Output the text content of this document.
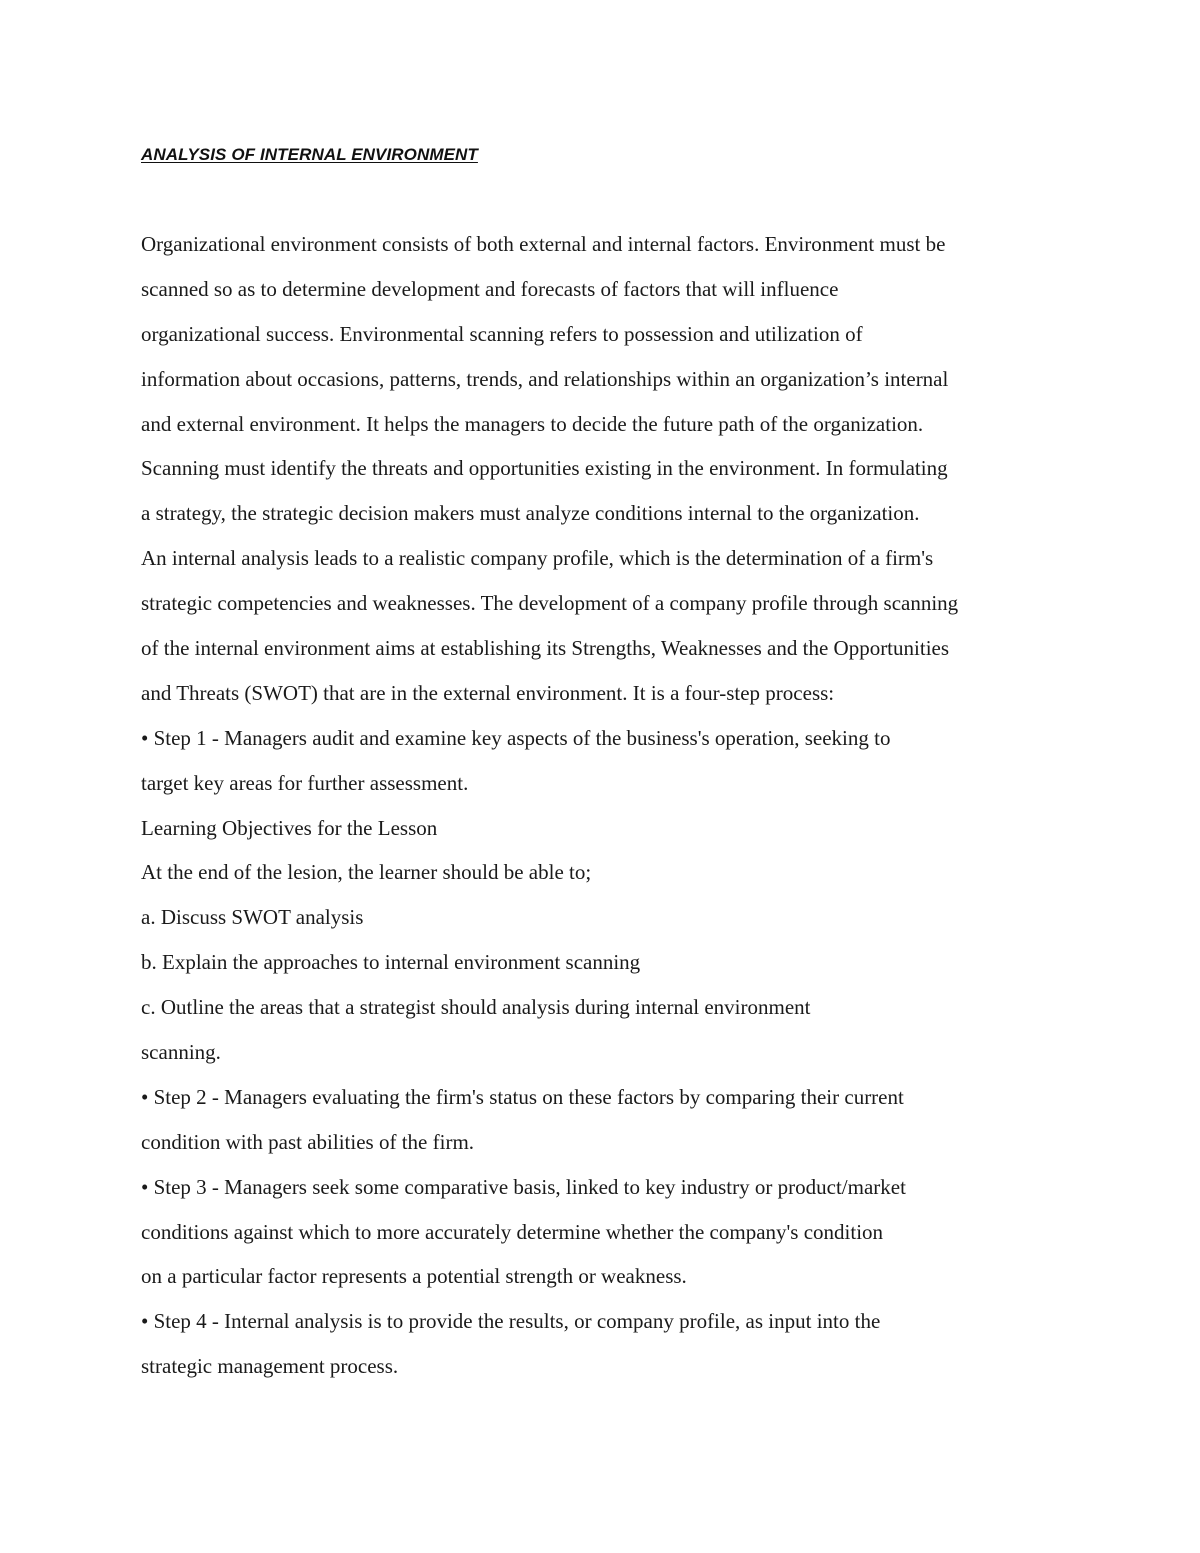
ANALYSIS OF INTERNAL ENVIRONMENT
Organizational environment consists of both external and internal factors. Environment must be
scanned so as to determine development and forecasts of factors that will influence
organizational success. Environmental scanning refers to possession and utilization of
information about occasions, patterns, trends, and relationships within an organization’s internal
and external environment. It helps the managers to decide the future path of the organization.
Scanning must identify the threats and opportunities existing in the environment. In formulating
a strategy, the strategic decision makers must analyze conditions internal to the organization.
An internal analysis leads to a realistic company profile, which is the determination of a firm's
strategic competencies and weaknesses. The development of a company profile through scanning
of the internal environment aims at establishing its Strengths, Weaknesses and the Opportunities
and Threats (SWOT) that are in the external environment. It is a four-step process:
• Step 1 - Managers audit and examine key aspects of the business's operation, seeking to
target key areas for further assessment.
Learning Objectives for the Lesson
At the end of the lesion, the learner should be able to;
a. Discuss SWOT analysis
b. Explain the approaches to internal environment scanning
c. Outline the areas that a strategist should analysis during internal environment
scanning.
• Step 2 - Managers evaluating the firm's status on these factors by comparing their current
condition with past abilities of the firm.
• Step 3 - Managers seek some comparative basis, linked to key industry or product/market
conditions against which to more accurately determine whether the company's condition
on a particular factor represents a potential strength or weakness.
• Step 4 - Internal analysis is to provide the results, or company profile, as input into the
strategic management process.
